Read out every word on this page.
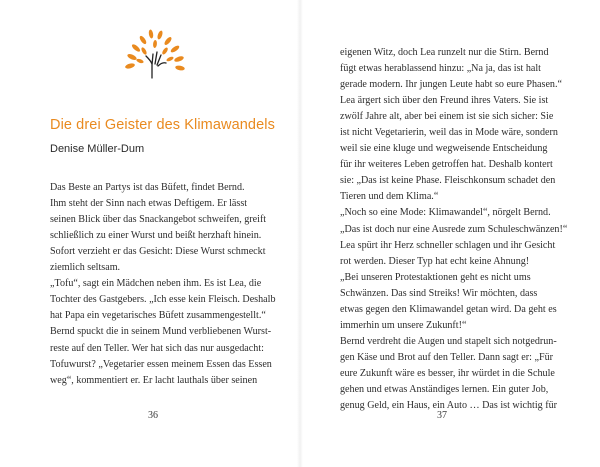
Die drei Geister des Klimawandels

Denise Müller-Dum

Das Beste an Partys ist das Büfett, findet Bernd.
Ihm steht der Sinn nach etwas Deftigem. Er lässt
seinen Blick über das Snackangebot schweifen, greift
schließlich zu einer Wurst und beißt herzhaft hinein.
Sofort verzieht er das Gesicht: Diese Wurst schmeckt
ziemlich seltsam.
„Tofu“, sagt ein Mädchen neben ihm. Es ist Lea, die
Tochter des Gastgebers. „Ich esse kein Fleisch. Deshalb
hat Papa ein vegetarisches Büfett zusammengestellt.“
Bernd spuckt die in seinem Mund verbliebenen Wurst-
reste auf den Teller. Wer hat sich das nur ausgedacht:
Tofuwurst? „Vegetarier essen meinem Essen das Essen
weg“, kommentiert er. Er lacht lauthals über seinen
eigenen Witz, doch Lea runzelt nur die Stirn. Bernd
fügt etwas herablassend hinzu: „Na ja, das ist halt
gerade modern. Ihr jungen Leute habt so eure Phasen.“
Lea ärgert sich über den Freund ihres Vaters. Sie ist
zwölf Jahre alt, aber bei einem ist sie sich sicher: Sie
ist nicht Vegetarierin, weil das in Mode wäre, sondern
weil sie eine kluge und wegweisende Entscheidung
für ihr weiteres Leben getroffen hat. Deshalb kontert
sie: „Das ist keine Phase. Fleischkonsum schadet den
Tieren und dem Klima.“
„Noch so eine Mode: Klimawandel“, nörgelt Bernd.
„Das ist doch nur eine Ausrede zum Schuleschwänzen!“
Lea spürt ihr Herz schneller schlagen und ihr Gesicht
rot werden. Dieser Typ hat echt keine Ahnung!
„Bei unseren Protestaktionen geht es nicht ums
Schwänzen. Das sind Streiks! Wir möchten, dass
etwas gegen den Klimawandel getan wird. Da geht es
immerhin um unsere Zukunft!“
Bernd verdreht die Augen und stapelt sich notgedrun-
gen Käse und Brot auf den Teller. Dann sagt er: „Für
eure Zukunft wäre es besser, ihr würdet in die Schule
gehen und etwas Anständiges lernen. Ein guter Job,
genug Geld, ein Haus, ein Auto … Das ist wichtig für
36	37
